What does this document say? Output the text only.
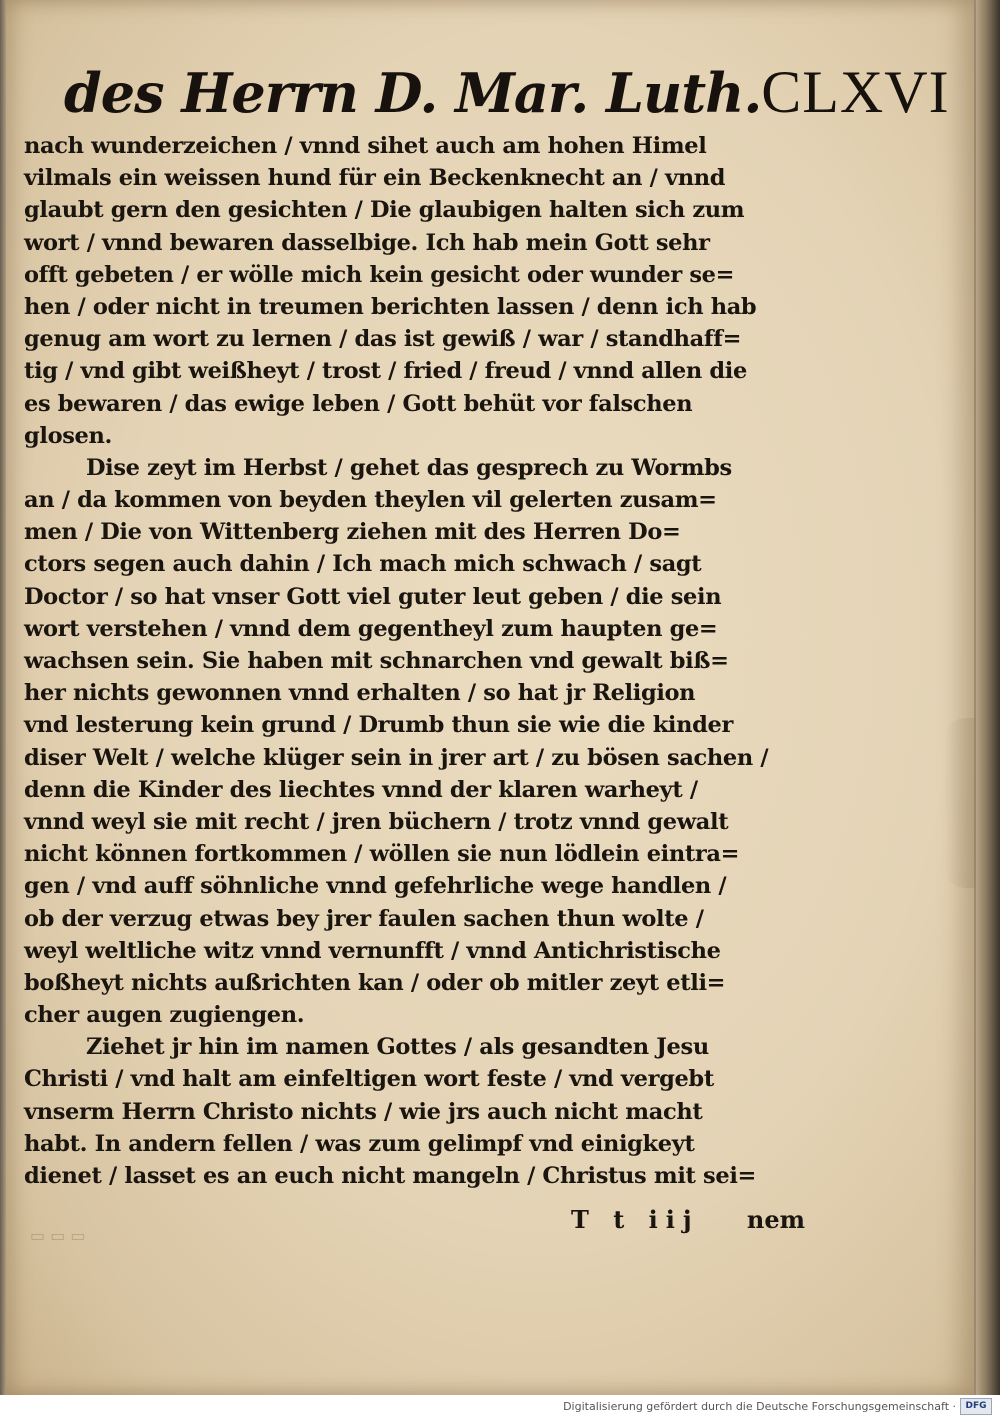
des Herrn D. Mar. Luth. CLXVI
nach wunderzeichen / vnnd sihet auch am hohen Himel
vilmals ein weissen hund für ein Beckenknecht an / vnnd
glaubt gern den gesichten / Die glaubigen halten sich zum
wort / vnnd bewaren dasselbige. Ich hab mein Gott sehr
offt gebeten / er wölle mich kein gesicht oder wunder se=
hen / oder nicht in treumen berichten lassen / denn ich hab
genug am wort zu lernen / das ist gewiß / war / standhaff=
tig / vnd gibt weißheyt / trost / fried / freud / vnnd allen die
es bewaren / das ewige leben / Gott behüt vor falschen
glosen.
Dise zeyt im Herbst / gehet das gesprech zu Wormbs
an / da kommen von beyden theylen vil gelerten zusam=
men / Die von Wittenberg ziehen mit des Herren Do=
ctors segen auch dahin / Ich mach mich schwach / sagt
Doctor / so hat vnser Gott viel guter leut geben / die sein
wort verstehen / vnnd dem gegentheyl zum haupten ge=
wachsen sein. Sie haben mit schnarchen vnd gewalt biß=
her nichts gewonnen vnnd erhalten / so hat jr Religion
vnd lesterung kein grund / Drumb thun sie wie die kinder
diser Welt / welche klüger sein in jrer art / zu bösen sachen /
denn die Kinder des liechtes vnnd der klaren warheyt /
vnnd weyl sie mit recht / jren büchern / trotz vnnd gewalt
nicht können fortkommen / wöllen sie nun lödlein eintra=
gen / vnd auff söhnliche vnnd gefehrliche wege handlen /
ob der verzug etwas bey jrer faulen sachen thun wolte /
weyl weltliche witz vnnd vernunfft / vnnd Antichristische
boßheyt nichts außrichten kan / oder ob mitler zeyt etli=
cher augen zugiengen.
Ziehet jr hin im namen Gottes / als gesandten Jesu
Christi / vnd halt am einfeltigen wort feste / vnd vergebt
vnserm Herrn Christo nichts / wie jrs auch nicht macht
habt. In andern fellen / was zum gelimpf vnd einigkeyt
dienet / lasset es an euch nicht mangeln / Christus mit sei=
T t iij nem
▭ ▭ ▭
Digitalisierung gefördert durch die Deutsche Forschungsgemeinschaft ·	DFG
